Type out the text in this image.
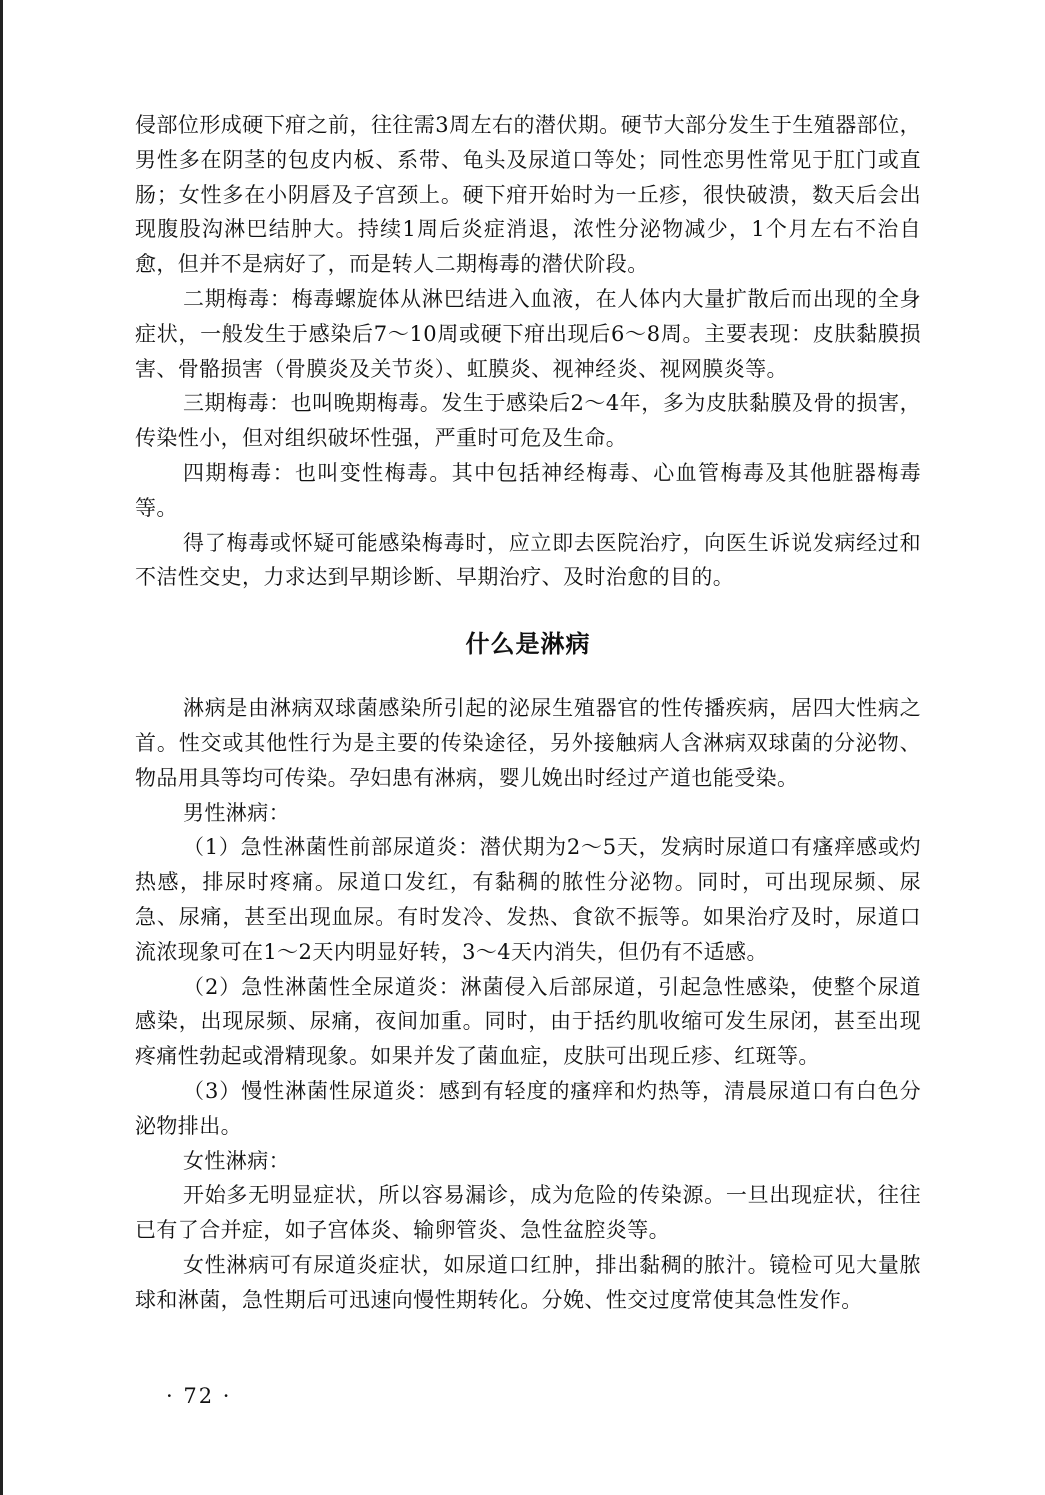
侵部位形成硬下疳之前，往往需3周左右的潜伏期。硬节大部分发生于生殖器部位，男性多在阴茎的包皮内板、系带、龟头及尿道口等处；同性恋男性常见于肛门或直肠；女性多在小阴唇及子宫颈上。硬下疳开始时为一丘疹，很快破溃，数天后会出现腹股沟淋巴结肿大。持续1周后炎症消退，浓性分泌物减少，1个月左右不治自愈，但并不是病好了，而是转人二期梅毒的潜伏阶段。

二期梅毒：梅毒螺旋体从淋巴结进入血液，在人体内大量扩散后而出现的全身症状，一般发生于感染后7～10周或硬下疳出现后6～8周。主要表现：皮肤黏膜损害、骨骼损害（骨膜炎及关节炎）、虹膜炎、视神经炎、视网膜炎等。

三期梅毒：也叫晚期梅毒。发生于感染后2～4年，多为皮肤黏膜及骨的损害，传染性小，但对组织破坏性强，严重时可危及生命。

四期梅毒：也叫变性梅毒。其中包括神经梅毒、心血管梅毒及其他脏器梅毒等。

得了梅毒或怀疑可能感染梅毒时，应立即去医院治疗，向医生诉说发病经过和不洁性交史，力求达到早期诊断、早期治疗、及时治愈的目的。

什么是淋病

淋病是由淋病双球菌感染所引起的泌尿生殖器官的性传播疾病，居四大性病之首。性交或其他性行为是主要的传染途径，另外接触病人含淋病双球菌的分泌物、物品用具等均可传染。孕妇患有淋病，婴儿娩出时经过产道也能受染。

男性淋病：

（1）急性淋菌性前部尿道炎：潜伏期为2～5天，发病时尿道口有瘙痒感或灼热感，排尿时疼痛。尿道口发红，有黏稠的脓性分泌物。同时，可出现尿频、尿急、尿痛，甚至出现血尿。有时发冷、发热、食欲不振等。如果治疗及时，尿道口流浓现象可在1～2天内明显好转，3～4天内消失，但仍有不适感。

（2）急性淋菌性全尿道炎：淋菌侵入后部尿道，引起急性感染，使整个尿道感染，出现尿频、尿痛，夜间加重。同时，由于括约肌收缩可发生尿闭，甚至出现疼痛性勃起或滑精现象。如果并发了菌血症，皮肤可出现丘疹、红斑等。

（3）慢性淋菌性尿道炎：感到有轻度的瘙痒和灼热等，清晨尿道口有白色分泌物排出。

女性淋病：

开始多无明显症状，所以容易漏诊，成为危险的传染源。一旦出现症状，往往已有了合并症，如子宫体炎、输卵管炎、急性盆腔炎等。

女性淋病可有尿道炎症状，如尿道口红肿，排出黏稠的脓汁。镜检可见大量脓球和淋菌，急性期后可迅速向慢性期转化。分娩、性交过度常使其急性发作。

· 72 ·
